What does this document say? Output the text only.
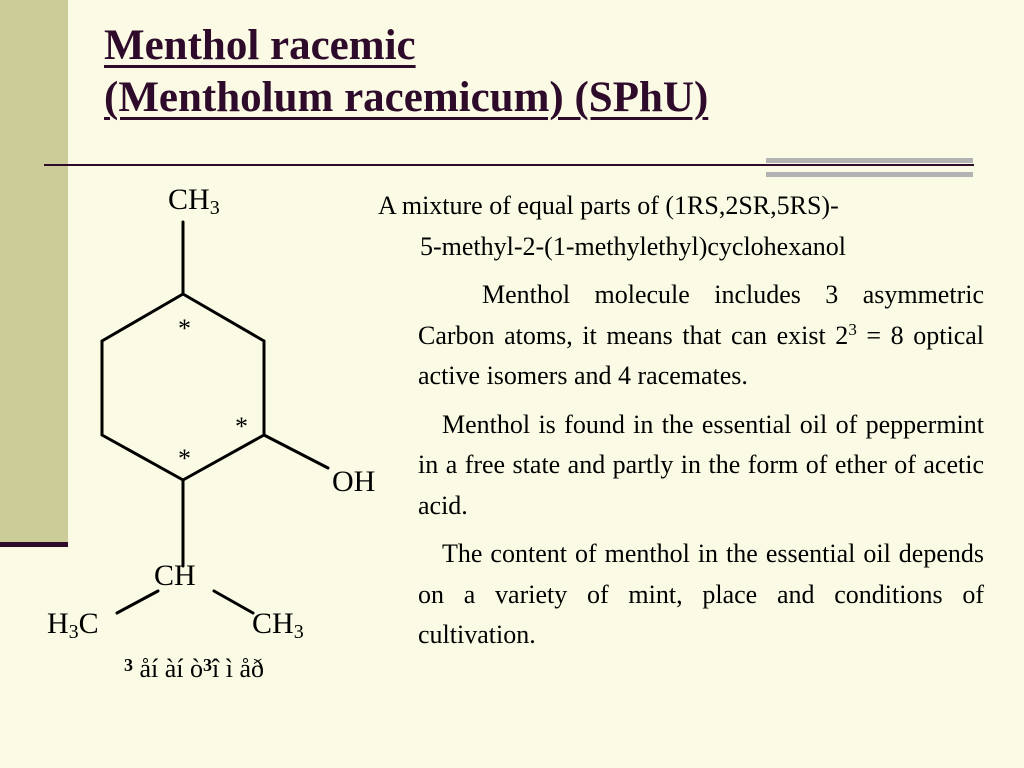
Menthol racemic
(Mentholum racemicum) (SPhU)
$CH_3$
OH
CH
$H_3C$	$CH_3$
*
*
*
$^3$ åí àí $ò^3î$ ì åð

A mixture of equal parts of (1RS,2SR,5RS)-
5-methyl-2-(1-methylethyl)cyclohexanol

Menthol molecule includes 3 asymmetric Carbon atoms, it means that can exist $2^3 = 8$ optical active isomers and 4 racemates.

Menthol is found in the essential oil of peppermint in a free state and partly in the form of ether of acetic acid.

The content of menthol in the essential oil depends on a variety of mint, place and conditions of cultivation.
